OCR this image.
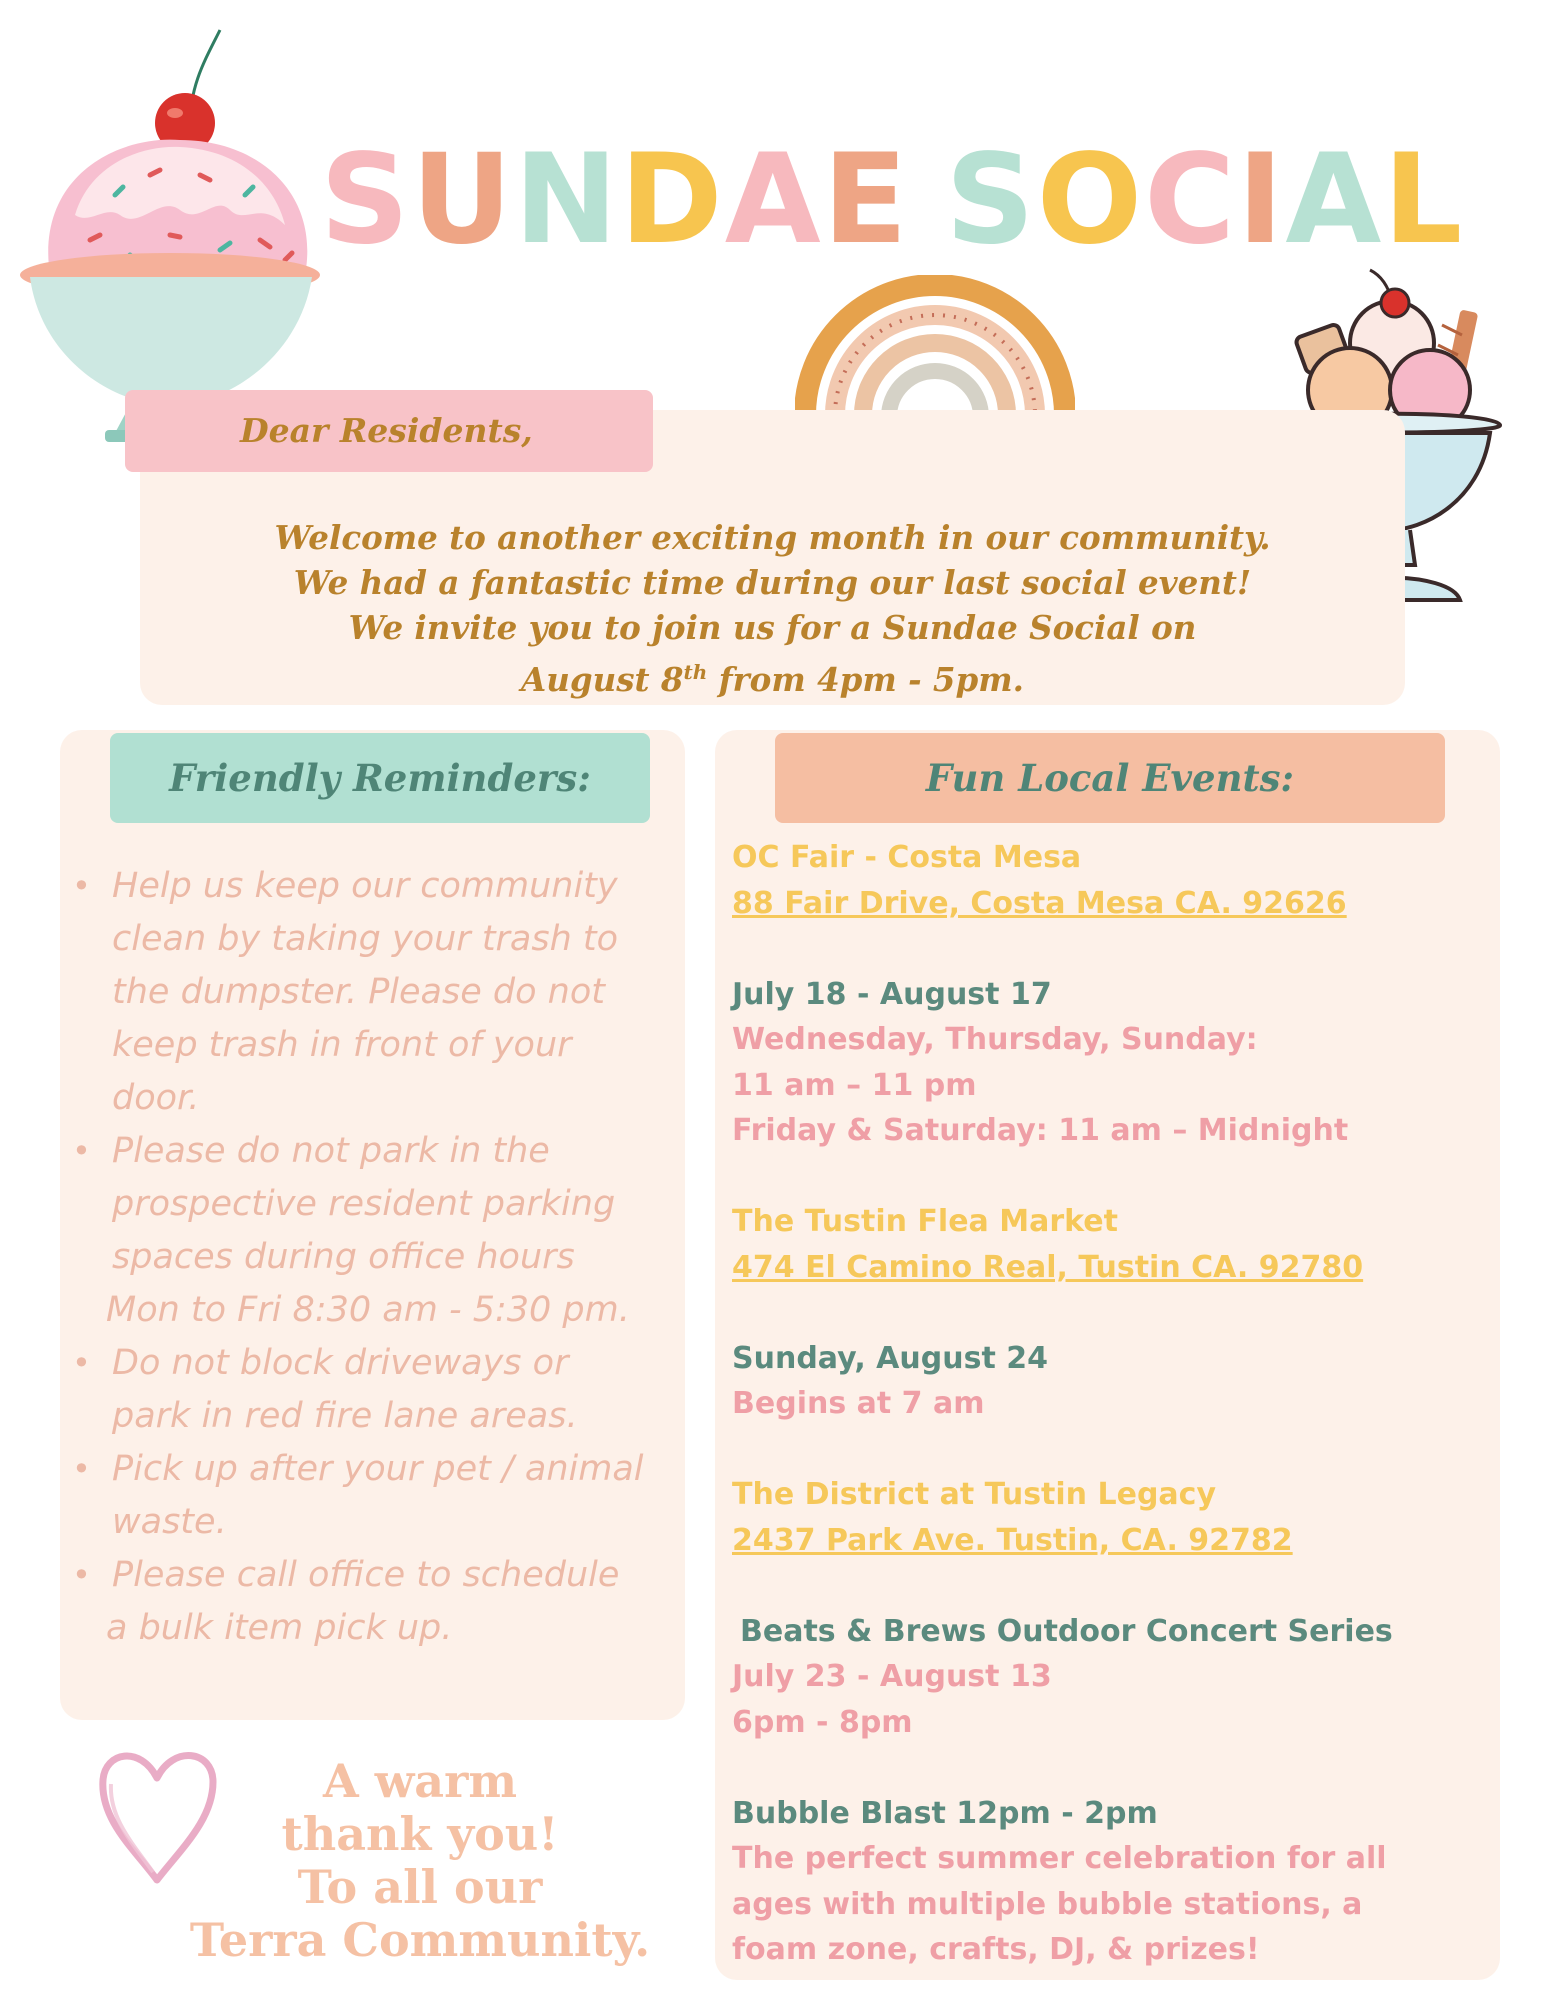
SUNDAE SOCIAL
Dear Residents,

Welcome to another exciting month in our community.

We had a fantastic time during our last social event!

We invite you to join us for a Sundae Social on

August 8th from 4pm - 5pm.

Friendly Reminders:
• Help us keep our community
clean by taking your trash to
the dumpster. Please do not
keep trash in front of your
door.
• Please do not park in the
prospective resident parking
spaces during office hours
Mon to Fri 8:30 am - 5:30 pm.
• Do not block driveways or
park in red fire lane areas.
• Pick up after your pet / animal
waste.
• Please call office to schedule
a bulk item pick up.
Fun Local Events:
OC Fair - Costa Mesa
88 Fair Drive, Costa Mesa CA. 92626
July 18 - August 17
Wednesday, Thursday, Sunday:
11 am – 11 pm
Friday & Saturday: 11 am – Midnight
The Tustin Flea Market
474 El Camino Real, Tustin CA. 92780
Sunday, August 24
Begins at 7 am
The District at Tustin Legacy
2437 Park Ave. Tustin, CA. 92782
Beats & Brews Outdoor Concert Series
July 23 - August 13
6pm - 8pm
Bubble Blast 12pm - 2pm
The perfect summer celebration for all
ages with multiple bubble stations, a
foam zone, crafts, DJ, & prizes!

A warm

thank you!

To all our

Terra Community.
